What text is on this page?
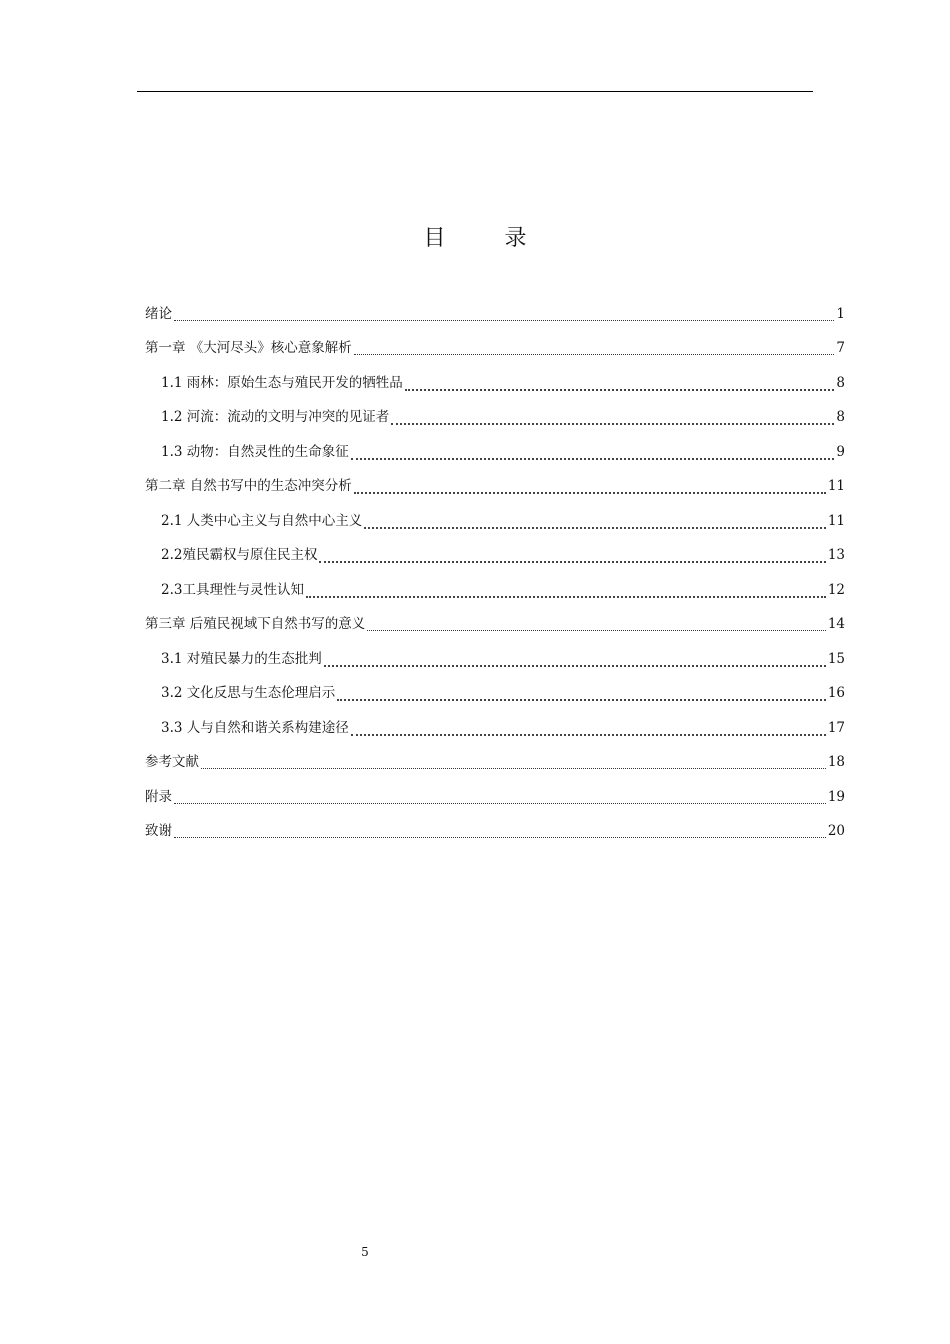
目 录
绪论	1
第一章 《大河尽头》核心意象解析	7
1.1 雨林：原始生态与殖民开发的牺牲品	8
1.2 河流：流动的文明与冲突的见证者	8
1.3 动物：自然灵性的生命象征	9
第二章 自然书写中的生态冲突分析	11
2.1 人类中心主义与自然中心主义	11
2.2殖民霸权与原住民主权	13
2.3工具理性与灵性认知	12
第三章 后殖民视域下自然书写的意义	14
3.1 对殖民暴力的生态批判	15
3.2 文化反思与生态伦理启示	16
3.3 人与自然和谐关系构建途径	17
参考文献	18
附录	19
致谢	20
5
